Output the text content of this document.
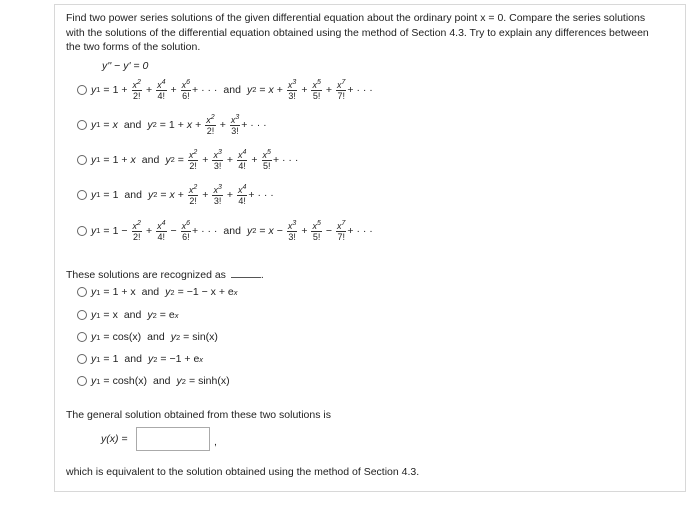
Find two power series solutions of the given differential equation about the ordinary point x = 0. Compare the series solutions with the solutions of the differential equation obtained using the method of Section 4.3. Try to explain any differences between the two forms of the solution.
y'' − y' = 0
y $1 = 1 + \frac{x^2}{2!} + \frac{x^4}{4!} + \frac{x^6}{6!}$ + · · · and y $2 = x + \frac{x^3}{3!} + \frac{x^5}{5!} + \frac{x^7}{7!}$ + · · ·
y 1 = x and y $2 = 1 + x + \frac{x^2}{2!} + \frac{x^3}{3!}$ + · · ·
y 1 = 1 + x and y $2 = \frac{x^2}{2!} + \frac{x^3}{3!} + \frac{x^4}{4!} + \frac{x^5}{5!}$ + · · ·
y 1 = 1 and y $2 = x + \frac{x^2}{2!} + \frac{x^3}{3!} + \frac{x^4}{4!}$ + · · ·
y $1 = 1 - \frac{x^2}{2!} + \frac{x^4}{4!} - \frac{x^6}{6!}$ + · · · and y $2 = x - \frac{x^3}{3!} + \frac{x^5}{5!} - \frac{x^7}{7!}$ + · · ·
These solutions are recognized as	.
y 1 = 1 + x and y 2 = −1 − x + e x
y 1 = x and y 2 = e x
y 1 = cos(x) and y 2 = sin(x)
y 1 = 1 and y 2 = −1 + e x
y 1 = cosh(x) and y 2 = sinh(x)
The general solution obtained from these two solutions is
y(x) =	,
which is equivalent to the solution obtained using the method of Section 4.3.
